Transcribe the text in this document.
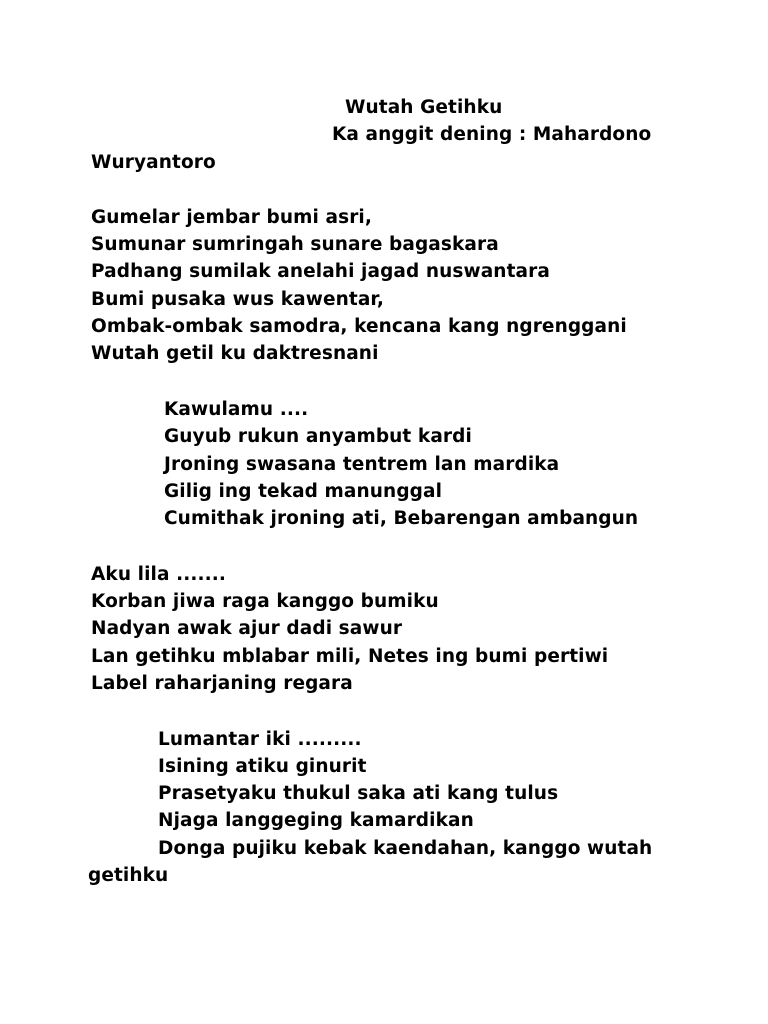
Wutah Getihku
Ka anggit dening : Mahardono
Wuryantoro
Gumelar jembar bumi asri,
Sumunar sumringah sunare bagaskara
Padhang sumilak anelahi jagad nuswantara
Bumi pusaka wus kawentar,
Ombak-ombak samodra, kencana kang ngrenggani
Wutah getil ku daktresnani
Kawulamu ....
Guyub rukun anyambut kardi
Jroning swasana tentrem lan mardika
Gilig ing tekad manunggal
Cumithak jroning ati, Bebarengan ambangun
Aku lila .......
Korban jiwa raga kanggo bumiku
Nadyan awak ajur dadi sawur
Lan getihku mblabar mili, Netes ing bumi pertiwi
Label raharjaning regara
Lumantar iki .........
Isining atiku ginurit
Prasetyaku thukul saka ati kang tulus
Njaga langgeging kamardikan
Donga pujiku kebak kaendahan, kanggo wutah
getihku
